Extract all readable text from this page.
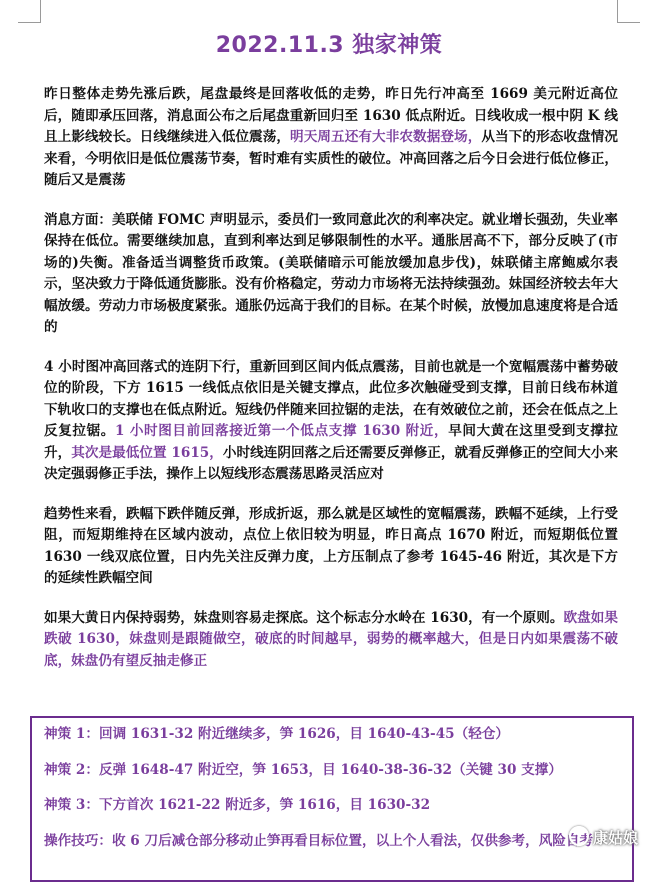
2022.11.3 独家神策

昨日整体走势先涨后跌，尾盘最终是回落收低的走势，昨日先行冲高至 1669 美元附近高位后，随即承压回落，消息面公布之后尾盘重新回归至 1630 低点附近。日线收成一根中阴 K 线且上影线较长。日线继续进入低位震荡，明天周五还有大非农数据登场，从当下的形态收盘情况来看，今明依旧是低位震荡节奏，暂时难有实质性的破位。冲高回落之后今日会进行低位修正，随后又是震荡

消息方面：美联储 FOMC 声明显示，委员们一致同意此次的利率决定。就业增长强劲，失业率保持在低位。需要继续加息，直到利率达到足够限制性的水平。通胀居高不下，部分反映了(市场的)失衡。准备适当调整货币政策。(美联储暗示可能放缓加息步伐)，妹联储主席鲍威尔表示，坚决致力于降低通货膨胀。没有价格稳定，劳动力市场将无法持续强劲。妹国经济较去年大幅放缓。劳动力市场极度紧张。通胀仍远高于我们的目标。在某个时候，放慢加息速度将是合适的

4 小时图冲高回落式的连阴下行，重新回到区间内低点震荡，目前也就是一个宽幅震荡中蓄势破位的阶段，下方 1615 一线低点依旧是关键支撑点，此位多次触碰受到支撑，目前日线布林道下轨收口的支撑也在低点附近。短线仍伴随来回拉锯的走法，在有效破位之前，还会在低点之上反复拉锯。1 小时图目前回落接近第一个低点支撑 1630 附近，早间大黄在这里受到支撑拉升，其次是最低位置 1615，小时线连阴回落之后还需要反弹修正，就看反弹修正的空间大小来决定强弱修正手法，操作上以短线形态震荡思路灵活应对

趋势性来看，跌幅下跌伴随反弹，形成折返，那么就是区域性的宽幅震荡，跌幅不延续，上行受阻，而短期维持在区域内波动，点位上依旧较为明显，昨日高点 1670 附近，而短期低位置 1630 一线双底位置，日内先关注反弹力度，上方压制点了参考 1645-46 附近，其次是下方的延续性跌幅空间

如果大黄日内保持弱势，妹盘则容易走探底。这个标志分水岭在 1630，有一个原则。欧盘如果跌破 1630，妹盘则是跟随做空，破底的时间越早，弱势的概率越大，但是日内如果震荡不破底，妹盘仍有望反抽走修正

神策 1：回调 1631-32 附近继续多，笋 1626，目 1640-43-45（轻仓）

神策 2：反弹 1648-47 附近空，笋 1653，目 1640-38-36-32（关键 30 支撑）

神策 3：下方首次 1621-22 附近多，笋 1616，目 1630-32

操作技巧：收 6 刀后减仓部分移动止笋再看目标位置，以上个人看法，仅供参考，风险自考 康姑娘
